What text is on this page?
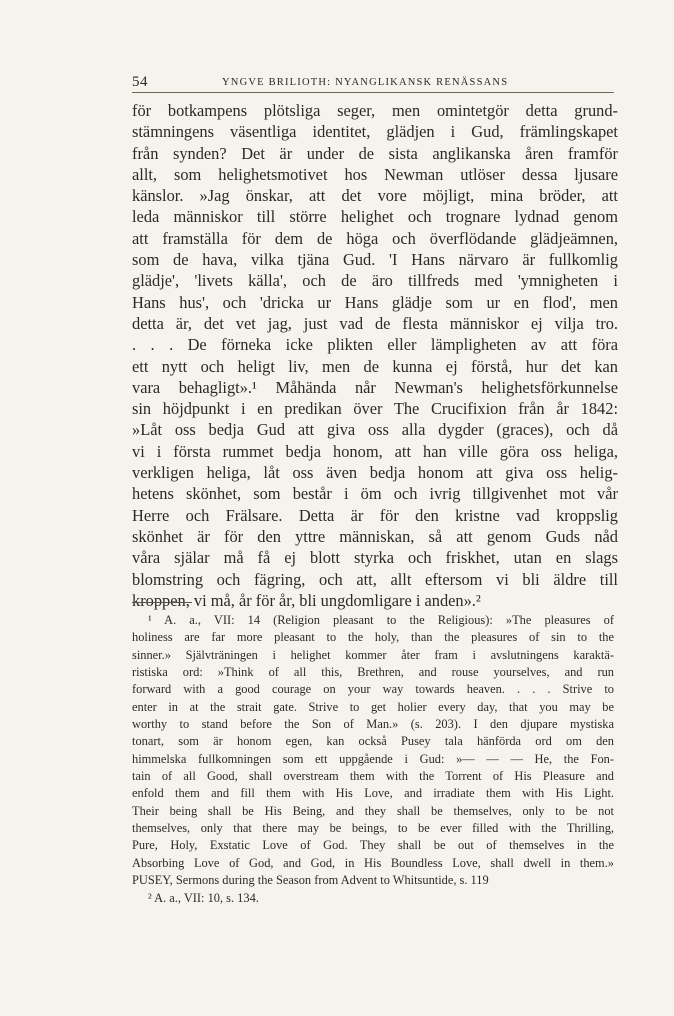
54	YNGVE BRILIOTH: NYANGLIKANSK RENÄSSANS
för botkampens plötsliga seger, men omintetgör detta grund-
stämningens väsentliga identitet, glädjen i Gud, främlingskapet
från synden? Det är under de sista anglikanska åren framför
allt, som helighetsmotivet hos Newman utlöser dessa ljusare
känslor. »Jag önskar, att det vore möjligt, mina bröder, att
leda människor till större helighet och trognare lydnad genom
att framställa för dem de höga och överflödande glädjeämnen,
som de hava, vilka tjäna Gud. 'I Hans närvaro är fullkomlig
glädje', 'livets källa', och de äro tillfreds med 'ymnigheten i
Hans hus', och 'dricka ur Hans glädje som ur en flod', men
detta är, det vet jag, just vad de flesta människor ej vilja tro.
. . . De förneka icke plikten eller lämpligheten av att föra
ett nytt och heligt liv, men de kunna ej förstå, hur det kan
vara behagligt».¹ Måhända når Newman's helighetsförkunnelse
sin höjdpunkt i en predikan över The Crucifixion från år 1842:
»Låt oss bedja Gud att giva oss alla dygder (graces), och då
vi i första rummet bedja honom, att han ville göra oss heliga,
verkligen heliga, låt oss även bedja honom att giva oss helig-
hetens skönhet, som består i öm och ivrig tillgivenhet mot vår
Herre och Frälsare. Detta är för den kristne vad kroppslig
skönhet är för den yttre människan, så att genom Guds nåd
våra själar må få ej blott styrka och friskhet, utan en slags
blomstring och fägring, och att, allt eftersom vi bli äldre till
kroppen, vi må, år för år, bli ungdomligare i anden».²
¹ A. a., VII: 14 (Religion pleasant to the Religious): »The pleasures of
holiness are far more pleasant to the holy, than the pleasures of sin to the
sinner.» Självträningen i helighet kommer åter fram i avslutningens karaktä-
ristiska ord: »Think of all this, Brethren, and rouse yourselves, and run
forward with a good courage on your way towards heaven. . . . Strive to
enter in at the strait gate. Strive to get holier every day, that you may be
worthy to stand before the Son of Man.» (s. 203). I den djupare mystiska
tonart, som är honom egen, kan också Pusey tala hänförda ord om den
himmelska fullkomningen som ett uppgående i Gud: »— — — He, the Fon-
tain of all Good, shall overstream them with the Torrent of His Pleasure and
enfold them and fill them with His Love, and irradiate them with His Light.
Their being shall be His Being, and they shall be themselves, only to be not
themselves, only that there may be beings, to be ever filled with the Thrilling,
Pure, Holy, Exstatic Love of God. They shall be out of themselves in the
Absorbing Love of God, and God, in His Boundless Love, shall dwell in them.»
PUSEY, Sermons during the Season from Advent to Whitsuntide, s. 119
² A. a., VII: 10, s. 134.
